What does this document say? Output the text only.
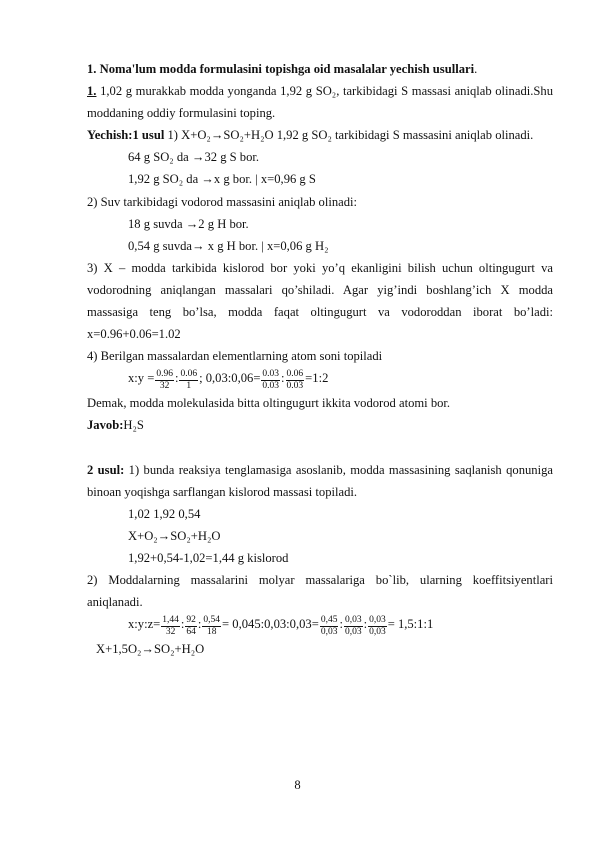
1. Noma'lum modda formulasini topishga oid masalalar yechish usullari.

1. 1,02 g murakkab modda yonganda 1,92 g SO₂, tarkibidagi S massasi aniqlab olinadi.Shu moddaning oddiy formulasini toping.

Yechish:1 usul 1) X+O₂→SO₂+H₂O 1,92 g SO₂ tarkibidagi S massasini aniqlab olinadi.

64 g SO₂ da →32 g S bor.

1,92 g SO₂ da →x g bor. | x=0,96 g S

2) Suv tarkibidagi vodorod massasini aniqlab olinadi:

18 g suvda →2 g H bor.

0,54 g suvda→ x g H bor. | x=0,06 g H₂

3) X – modda tarkibida kislorod bor yoki yo’q ekanligini bilish uchun oltingugurt va vodorodning aniqlangan massalari qo’shiladi. Agar yig’indi boshlang’ich X modda massasiga teng bo’lsa, modda faqat oltingugurt va vodoroddan iborat bo’ladi: x=0.96+0.06=1.02

4) Berilgan massalardan elementlarning atom soni topiladi

x:y = $\frac{0.96}{32}$ : $\frac{0.06}{1}$ ; 0,03:0,06= $\frac{0.03}{0.03}$ : $\frac{0.06}{0.03}$ =1:2

Demak, modda molekulasida bitta oltingugurt ikkita vodorod atomi bor.

Javob:H₂S

2 usul: 1) bunda reaksiya tenglamasiga asoslanib, modda massasining saqlanish qonuniga binoan yoqishga sarflangan kislorod massasi topiladi.

1,02 1,92 0,54

X+O₂→SO₂+H₂O

1,92+0,54-1,02=1,44 g kislorod

2) Moddalarning massalarini molyar massalariga bo`lib, ularning koeffitsiyentlari aniqlanadi.

x:y:z= $\frac{1,44}{32}$ : $\frac{92}{64}$ : $\frac{0,54}{18}$ = 0,045:0,03:0,03= $\frac{0,45}{0,03}$ : $\frac{0,03}{0,03}$ : $\frac{0,03}{0,03}$ = 1,5:1:1

X+1,5O₂→SO₂+H₂O

8
